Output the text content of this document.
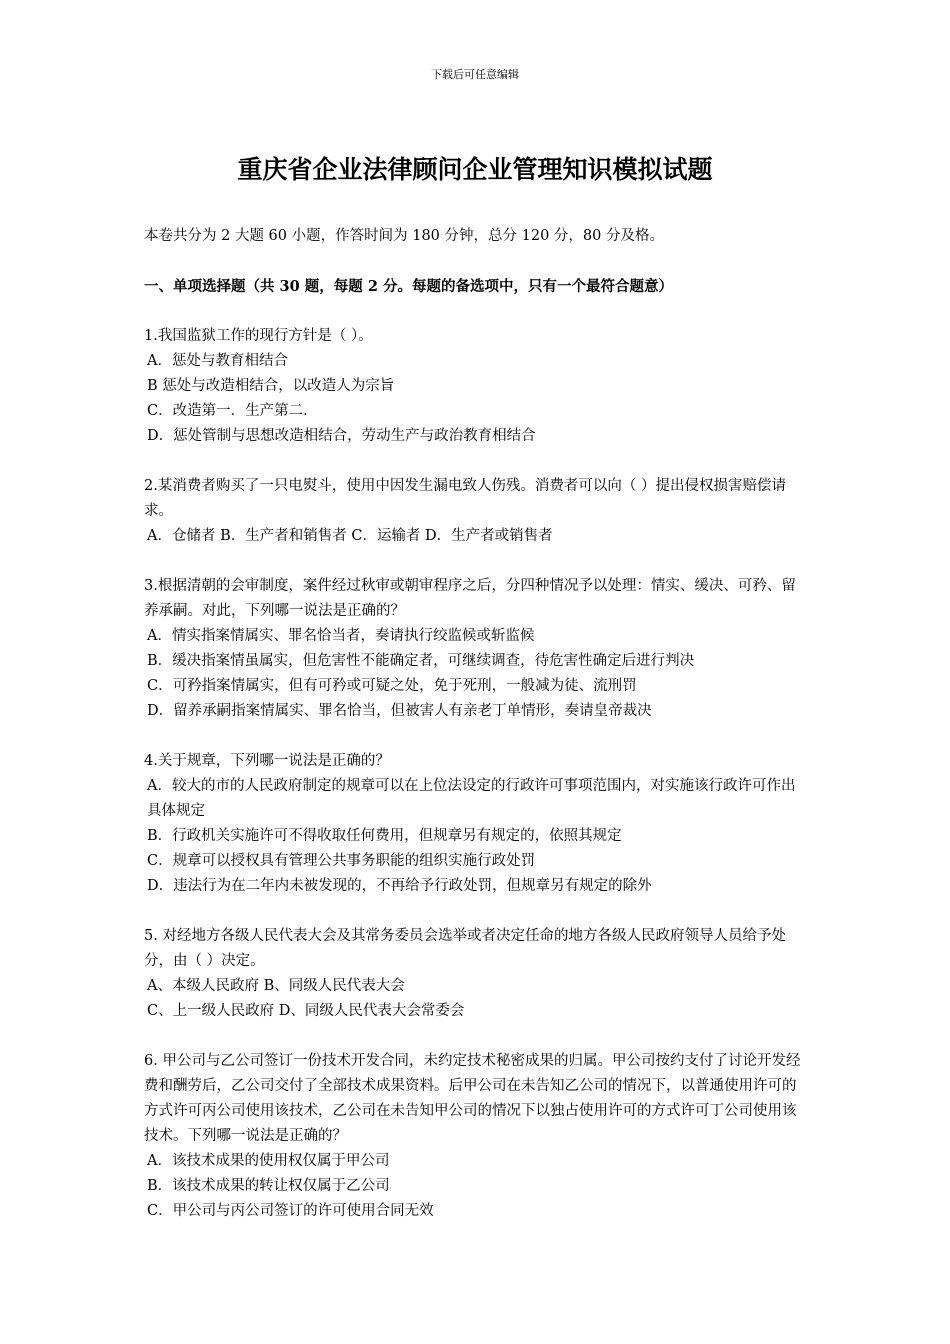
下载后可任意编辑
重庆省企业法律顾问企业管理知识模拟试题

本卷共分为 2 大题 60 小题，作答时间为 180 分钟，总分 120 分，80 分及格。

一、单项选择题（共 30 题，每题 2 分。每题的备选项中，只有一个最符合题意）

1.我国监狱工作的现行方针是（ ）。

A．惩处与教育相结合

B 惩处与改造相结合，以改造人为宗旨

C．改造第一．生产第二．

D．惩处管制与思想改造相结合，劳动生产与政治教育相结合

2.某消费者购买了一只电熨斗，使用中因发生漏电致人伤残。消费者可以向（ ）提出侵权损害赔偿请求。

A．仓储者 B．生产者和销售者 C．运输者 D．生产者或销售者

3.根据清朝的会审制度，案件经过秋审或朝审程序之后，分四种情况予以处理：情实、缓决、可矜、留养承嗣。对此，下列哪一说法是正确的？

A．情实指案情属实、罪名恰当者，奏请执行绞监候或斩监候

B．缓决指案情虽属实，但危害性不能确定者，可继续调查，待危害性确定后进行判决

C．可矜指案情属实，但有可矜或可疑之处，免于死刑，一般减为徒、流刑罚

D．留养承嗣指案情属实、罪名恰当，但被害人有亲老丁单情形，奏请皇帝裁决

4.关于规章，下列哪一说法是正确的？

A．较大的市的人民政府制定的规章可以在上位法设定的行政许可事项范围内，对实施该行政许可作出具体规定

B．行政机关实施许可不得收取任何费用，但规章另有规定的，依照其规定

C．规章可以授权具有管理公共事务职能的组织实施行政处罚

D．违法行为在二年内未被发现的，不再给予行政处罚，但规章另有规定的除外

5. 对经地方各级人民代表大会及其常务委员会选举或者决定任命的地方各级人民政府领导人员给予处分，由（ ）决定。

A、本级人民政府 B、同级人民代表大会

C、上一级人民政府 D、同级人民代表大会常委会

6. 甲公司与乙公司签订一份技术开发合同，未约定技术秘密成果的归属。甲公司按约支付了讨论开发经费和酬劳后，乙公司交付了全部技术成果资料。后甲公司在未告知乙公司的情况下，以普通使用许可的方式许可丙公司使用该技术，乙公司在未告知甲公司的情况下以独占使用许可的方式许可丁公司使用该技术。下列哪一说法是正确的？

A．该技术成果的使用权仅属于甲公司

B．该技术成果的转让权仅属于乙公司

C．甲公司与丙公司签订的许可使用合同无效
